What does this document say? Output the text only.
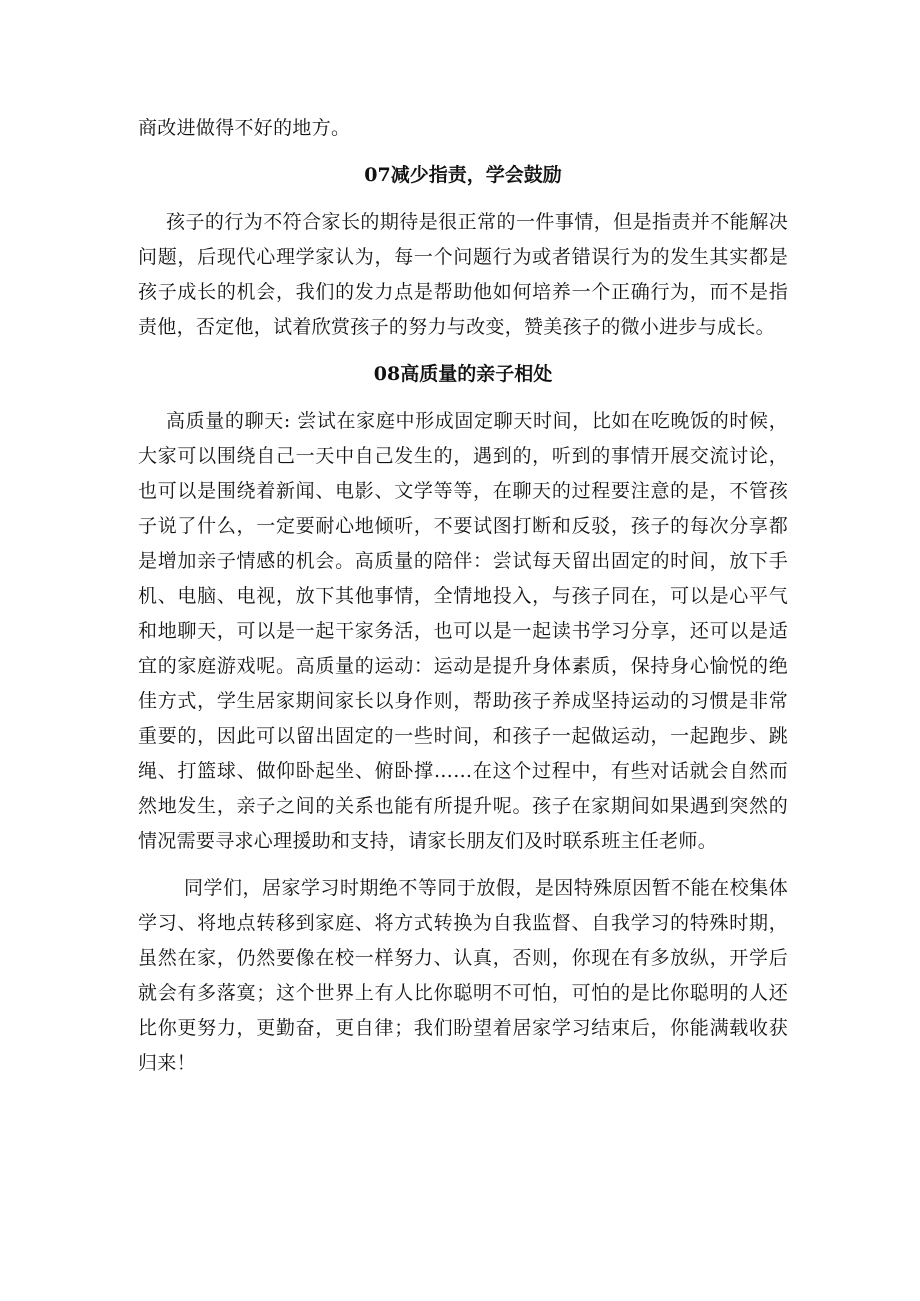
商改进做得不好的地方。

07减少指责，学会鼓励

孩子的行为不符合家长的期待是很正常的一件事情，但是指责并不能解决问题，后现代心理学家认为，每一个问题行为或者错误行为的发生其实都是孩子成长的机会，我们的发力点是帮助他如何培养一个正确行为，而不是指责他，否定他，试着欣赏孩子的努力与改变，赞美孩子的微小进步与成长。

08高质量的亲子相处

高质量的聊天: 尝试在家庭中形成固定聊天时间，比如在吃晚饭的时候，大家可以围绕自己一天中自己发生的，遇到的，听到的事情开展交流讨论，也可以是围绕着新闻、电影、文学等等，在聊天的过程要注意的是，不管孩子说了什么，一定要耐心地倾听，不要试图打断和反驳，孩子的每次分享都是增加亲子情感的机会。高质量的陪伴：尝试每天留出固定的时间，放下手机、电脑、电视，放下其他事情，全情地投入，与孩子同在，可以是心平气和地聊天，可以是一起干家务活，也可以是一起读书学习分享，还可以是适宜的家庭游戏呢。高质量的运动：运动是提升身体素质，保持身心愉悦的绝佳方式，学生居家期间家长以身作则，帮助孩子养成坚持运动的习惯是非常重要的，因此可以留出固定的一些时间，和孩子一起做运动，一起跑步、跳绳、打篮球、做仰卧起坐、俯卧撑……在这个过程中，有些对话就会自然而然地发生，亲子之间的关系也能有所提升呢。孩子在家期间如果遇到突然的情况需要寻求心理援助和支持，请家长朋友们及时联系班主任老师。

同学们，居家学习时期绝不等同于放假，是因特殊原因暂不能在校集体学习、将地点转移到家庭、将方式转换为自我监督、自我学习的特殊时期，虽然在家，仍然要像在校一样努力、认真，否则，你现在有多放纵，开学后就会有多落寞；这个世界上有人比你聪明不可怕，可怕的是比你聪明的人还比你更努力，更勤奋，更自律；我们盼望着居家学习结束后，你能满载收获归来！
